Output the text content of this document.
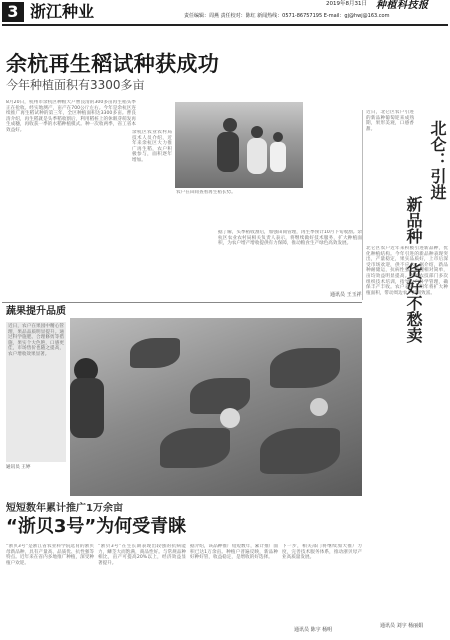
3 浙江种业	2019年8月31日 种植科技报
责任编辑：周燕 责任校对：陈红 新闻热线：0571-86757195 E-mail：gj@hwj@163.com
余杭再生稻试种获成功
今年种植面积有3300多亩
8月20日，杭州市余杭区种粮大户曹良清的300多亩再生稻头季正在抢收。经实地测产，亩产在700公斤左右。今年是余杭区连续推广再生稻试种的第三年，全区种植面积达3300多亩。曹良清介绍，再生稻就是头季稻收割后，利用稻桩上的休眠芽萌发再生成穗，再收获一季的水稻种植模式。种一次收两季，省工省本效益好。	余杭区农业农村局技术人员介绍，近年来余杭区大力推广再生稻，农户积极参与，面积逐年增加。
农户在田间查看再生稻长势。
据了解，头季稻收割后，加强田间管理，再生季预计10月下旬收割。余杭区农业农村局相关负责人表示，将继续做好技术服务，扩大种植面积，为农户增产增收提供有力保障，推动粮食生产绿色高效发展。
通讯员 王玉祥
近日，北仑区农户引进的新品种葡萄迎来成熟期，果形美观，口感香甜。	北仑：引进
新品种 货好不愁卖
北仑区农户近年来积极引进新品种，优化种植结构。今年引进的新品种表现突出，产量稳定，果实品质好，上市后深受市场欢迎，供不应求。据介绍，新品种耐储运，抗病性强，管理相对简单，亩均效益明显提高。当地农技部门多次组织技术培训，指导农户科学管理，确保丰产丰收。农户表示，明年将扩大种植面积，带动周边农户共同致富。
通讯员 刘宇 杨丽娟
蔬果提升品质
近日，农户在果园中精心管理，果品品质明显提升。通过科学施肥、合理修剪等措施，果实个大色艳，口感更佳，市场售价也随之提高，农户增收效果显著。
通讯员 王婷
短短数年累计推广1万余亩
“浙贝3号”为何受青睐
“浙贝3号”是浙江省农业科学院选育的浙贝母新品种，具有产量高、品质优、抗性强等特点。近年来在省内多地推广种植，深受种植户欢迎。
“浙贝3号”在生长期表现出较强的抗病能力，鳞茎大而饱满，商品性好。与常规品种相比，亩产可提高20%以上，经济效益显著提升。
据介绍，该品种推广短短数年，累计推广面积已达1万余亩。种植户普遍反映，新品种好种好管，收益稳定，是增收的好选择。
下一步，相关部门将继续加大推广力度，完善技术服务体系，推动浙贝母产业高质量发展。
通讯员 陈宇 杨明
